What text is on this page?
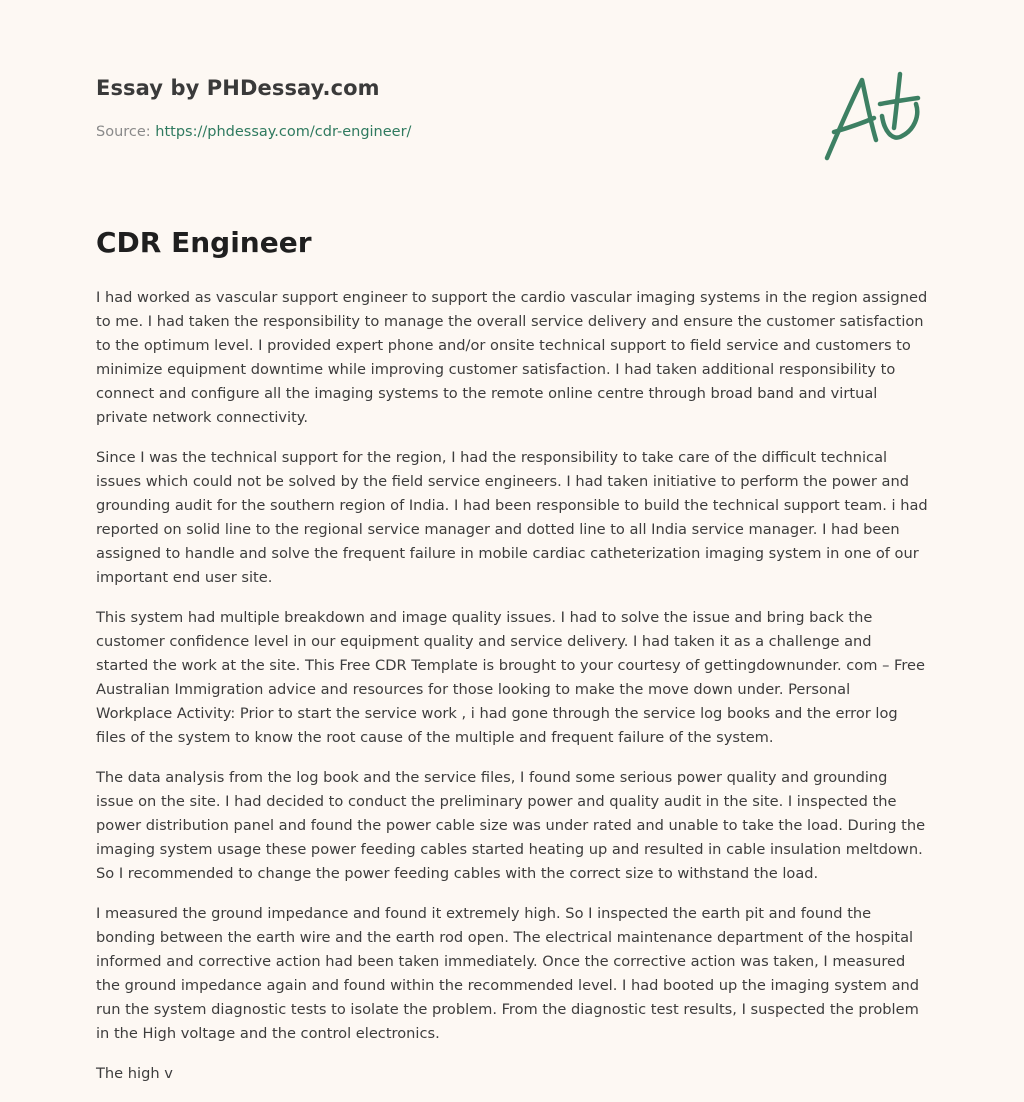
Essay by PHDessay.com
Source: https://phdessay.com/cdr-engineer/
CDR Engineer

I had worked as vascular support engineer to support the cardio vascular imaging systems in the region assigned to me. I had taken the responsibility to manage the overall service delivery and ensure the customer satisfaction to the optimum level. I provided expert phone and/or onsite technical support to field service and customers to minimize equipment downtime while improving customer satisfaction. I had taken additional responsibility to connect and configure all the imaging systems to the remote online centre through broad band and virtual private network connectivity.

Since I was the technical support for the region, I had the responsibility to take care of the difficult technical issues which could not be solved by the field service engineers. I had taken initiative to perform the power and grounding audit for the southern region of India. I had been responsible to build the technical support team. i had reported on solid line to the regional service manager and dotted line to all India service manager. I had been assigned to handle and solve the frequent failure in mobile cardiac catheterization imaging system in one of our important end user site.

This system had multiple breakdown and image quality issues. I had to solve the issue and bring back the customer confidence level in our equipment quality and service delivery. I had taken it as a challenge and started the work at the site. This Free CDR Template is brought to your courtesy of gettingdownunder. com – Free Australian Immigration advice and resources for those looking to make the move down under. Personal Workplace Activity: Prior to start the service work , i had gone through the service log books and the error log files of the system to know the root cause of the multiple and frequent failure of the system.

The data analysis from the log book and the service files, I found some serious power quality and grounding issue on the site. I had decided to conduct the preliminary power and quality audit in the site. I inspected the power distribution panel and found the power cable size was under rated and unable to take the load. During the imaging system usage these power feeding cables started heating up and resulted in cable insulation meltdown. So I recommended to change the power feeding cables with the correct size to withstand the load.

I measured the ground impedance and found it extremely high. So I inspected the earth pit and found the bonding between the earth wire and the earth rod open. The electrical maintenance department of the hospital informed and corrective action had been taken immediately. Once the corrective action was taken, I measured the ground impedance again and found within the recommended level. I had booted up the imaging system and run the system diagnostic tests to isolate the problem. From the diagnostic test results, I suspected the problem in the High voltage and the control electronics.

The high v
